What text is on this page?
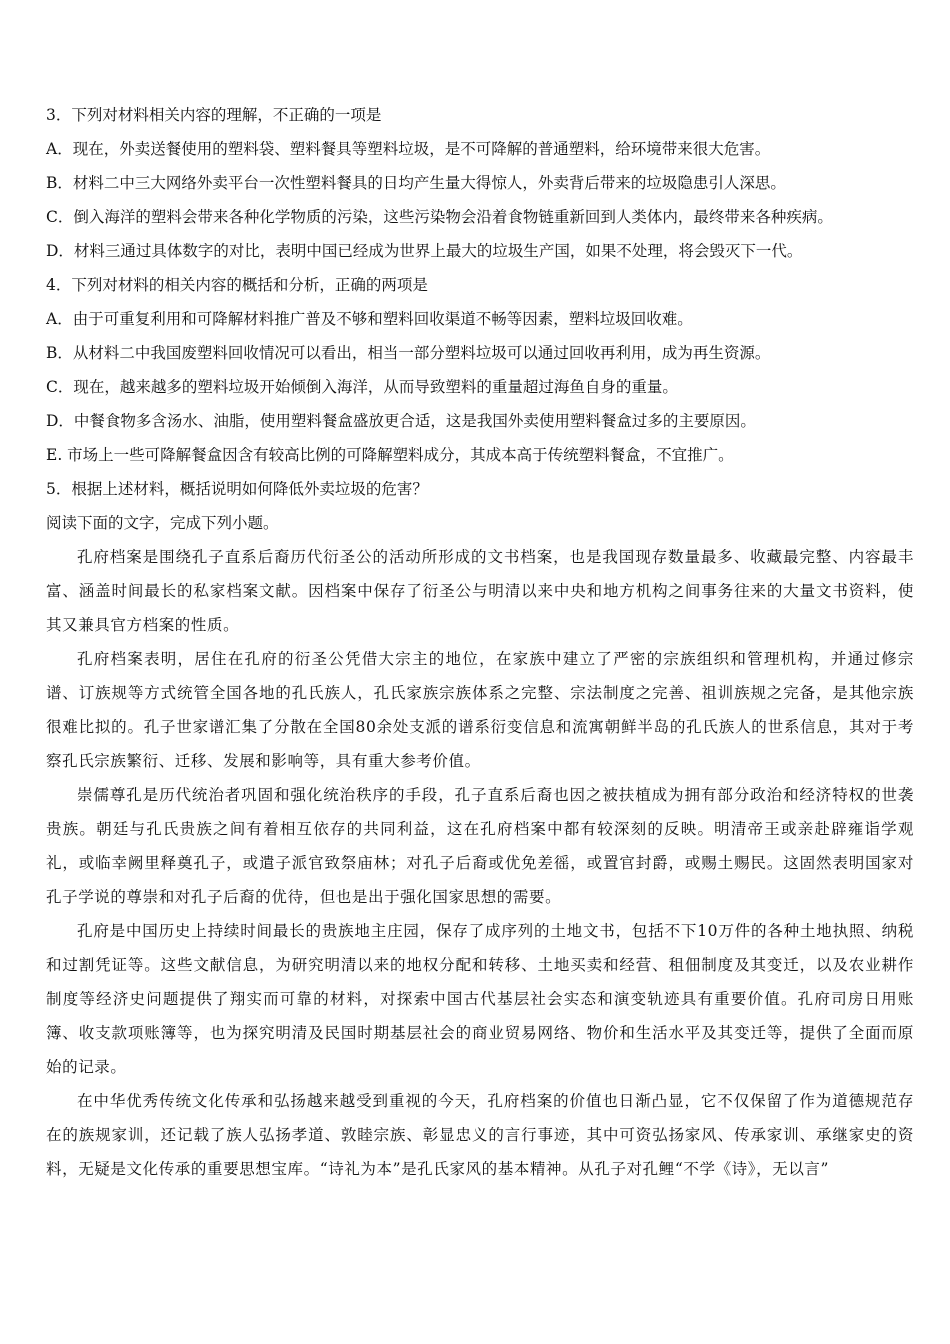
3．下列对材料相关内容的理解，不正确的一项是

A．现在，外卖送餐使用的塑料袋、塑料餐具等塑料垃圾，是不可降解的普通塑料，给环境带来很大危害。

B．材料二中三大网络外卖平台一次性塑料餐具的日均产生量大得惊人，外卖背后带来的垃圾隐患引人深思。

C．倒入海洋的塑料会带来各种化学物质的污染，这些污染物会沿着食物链重新回到人类体内，最终带来各种疾病。

D．材料三通过具体数字的对比，表明中国已经成为世界上最大的垃圾生产国，如果不处理，将会毁灭下一代。

4．下列对材料的相关内容的概括和分析，正确的两项是

A．由于可重复利用和可降解材料推广普及不够和塑料回收渠道不畅等因素，塑料垃圾回收难。

B．从材料二中我国废塑料回收情况可以看出，相当一部分塑料垃圾可以通过回收再利用，成为再生资源。

C．现在，越来越多的塑料垃圾开始倾倒入海洋，从而导致塑料的重量超过海鱼自身的重量。

D．中餐食物多含汤水、油脂，使用塑料餐盒盛放更合适，这是我国外卖使用塑料餐盒过多的主要原因。

E. 市场上一些可降解餐盒因含有较高比例的可降解塑料成分，其成本高于传统塑料餐盒，不宜推广。

5．根据上述材料，概括说明如何降低外卖垃圾的危害？

阅读下面的文字，完成下列小题。

孔府档案是围绕孔子直系后裔历代衍圣公的活动所形成的文书档案，也是我国现存数量最多、收藏最完整、内容最丰富、涵盖时间最长的私家档案文献。因档案中保存了衍圣公与明清以来中央和地方机构之间事务往来的大量文书资料，使其又兼具官方档案的性质。

孔府档案表明，居住在孔府的衍圣公凭借大宗主的地位，在家族中建立了严密的宗族组织和管理机构，并通过修宗谱、订族规等方式统管全国各地的孔氏族人，孔氏家族宗族体系之完整、宗法制度之完善、祖训族规之完备，是其他宗族很难比拟的。孔子世家谱汇集了分散在全国80余处支派的谱系衍变信息和流寓朝鲜半岛的孔氏族人的世系信息，其对于考察孔氏宗族繁衍、迁移、发展和影响等，具有重大参考价值。

崇儒尊孔是历代统治者巩固和强化统治秩序的手段，孔子直系后裔也因之被扶植成为拥有部分政治和经济特权的世袭贵族。朝廷与孔氏贵族之间有着相互依存的共同利益，这在孔府档案中都有较深刻的反映。明清帝王或亲赴辟雍诣学观礼，或临幸阙里释奠孔子，或遣子派官致祭庙林；对孔子后裔或优免差徭，或置官封爵，或赐土赐民。这固然表明国家对孔子学说的尊崇和对孔子后裔的优待，但也是出于强化国家思想的需要。

孔府是中国历史上持续时间最长的贵族地主庄园，保存了成序列的土地文书，包括不下10万件的各种土地执照、纳税和过割凭证等。这些文献信息，为研究明清以来的地权分配和转移、土地买卖和经营、租佃制度及其变迁，以及农业耕作制度等经济史问题提供了翔实而可靠的材料，对探索中国古代基层社会实态和演变轨迹具有重要价值。孔府司房日用账簿、收支款项账簿等，也为探究明清及民国时期基层社会的商业贸易网络、物价和生活水平及其变迁等，提供了全面而原始的记录。

在中华优秀传统文化传承和弘扬越来越受到重视的今天，孔府档案的价值也日渐凸显，它不仅保留了作为道德规范存在的族规家训，还记载了族人弘扬孝道、敦睦宗族、彰显忠义的言行事迹，其中可资弘扬家风、传承家训、承继家史的资料，无疑是文化传承的重要思想宝库。“诗礼为本”是孔氏家风的基本精神。从孔子对孔鲤“不学《诗》，无以言”
